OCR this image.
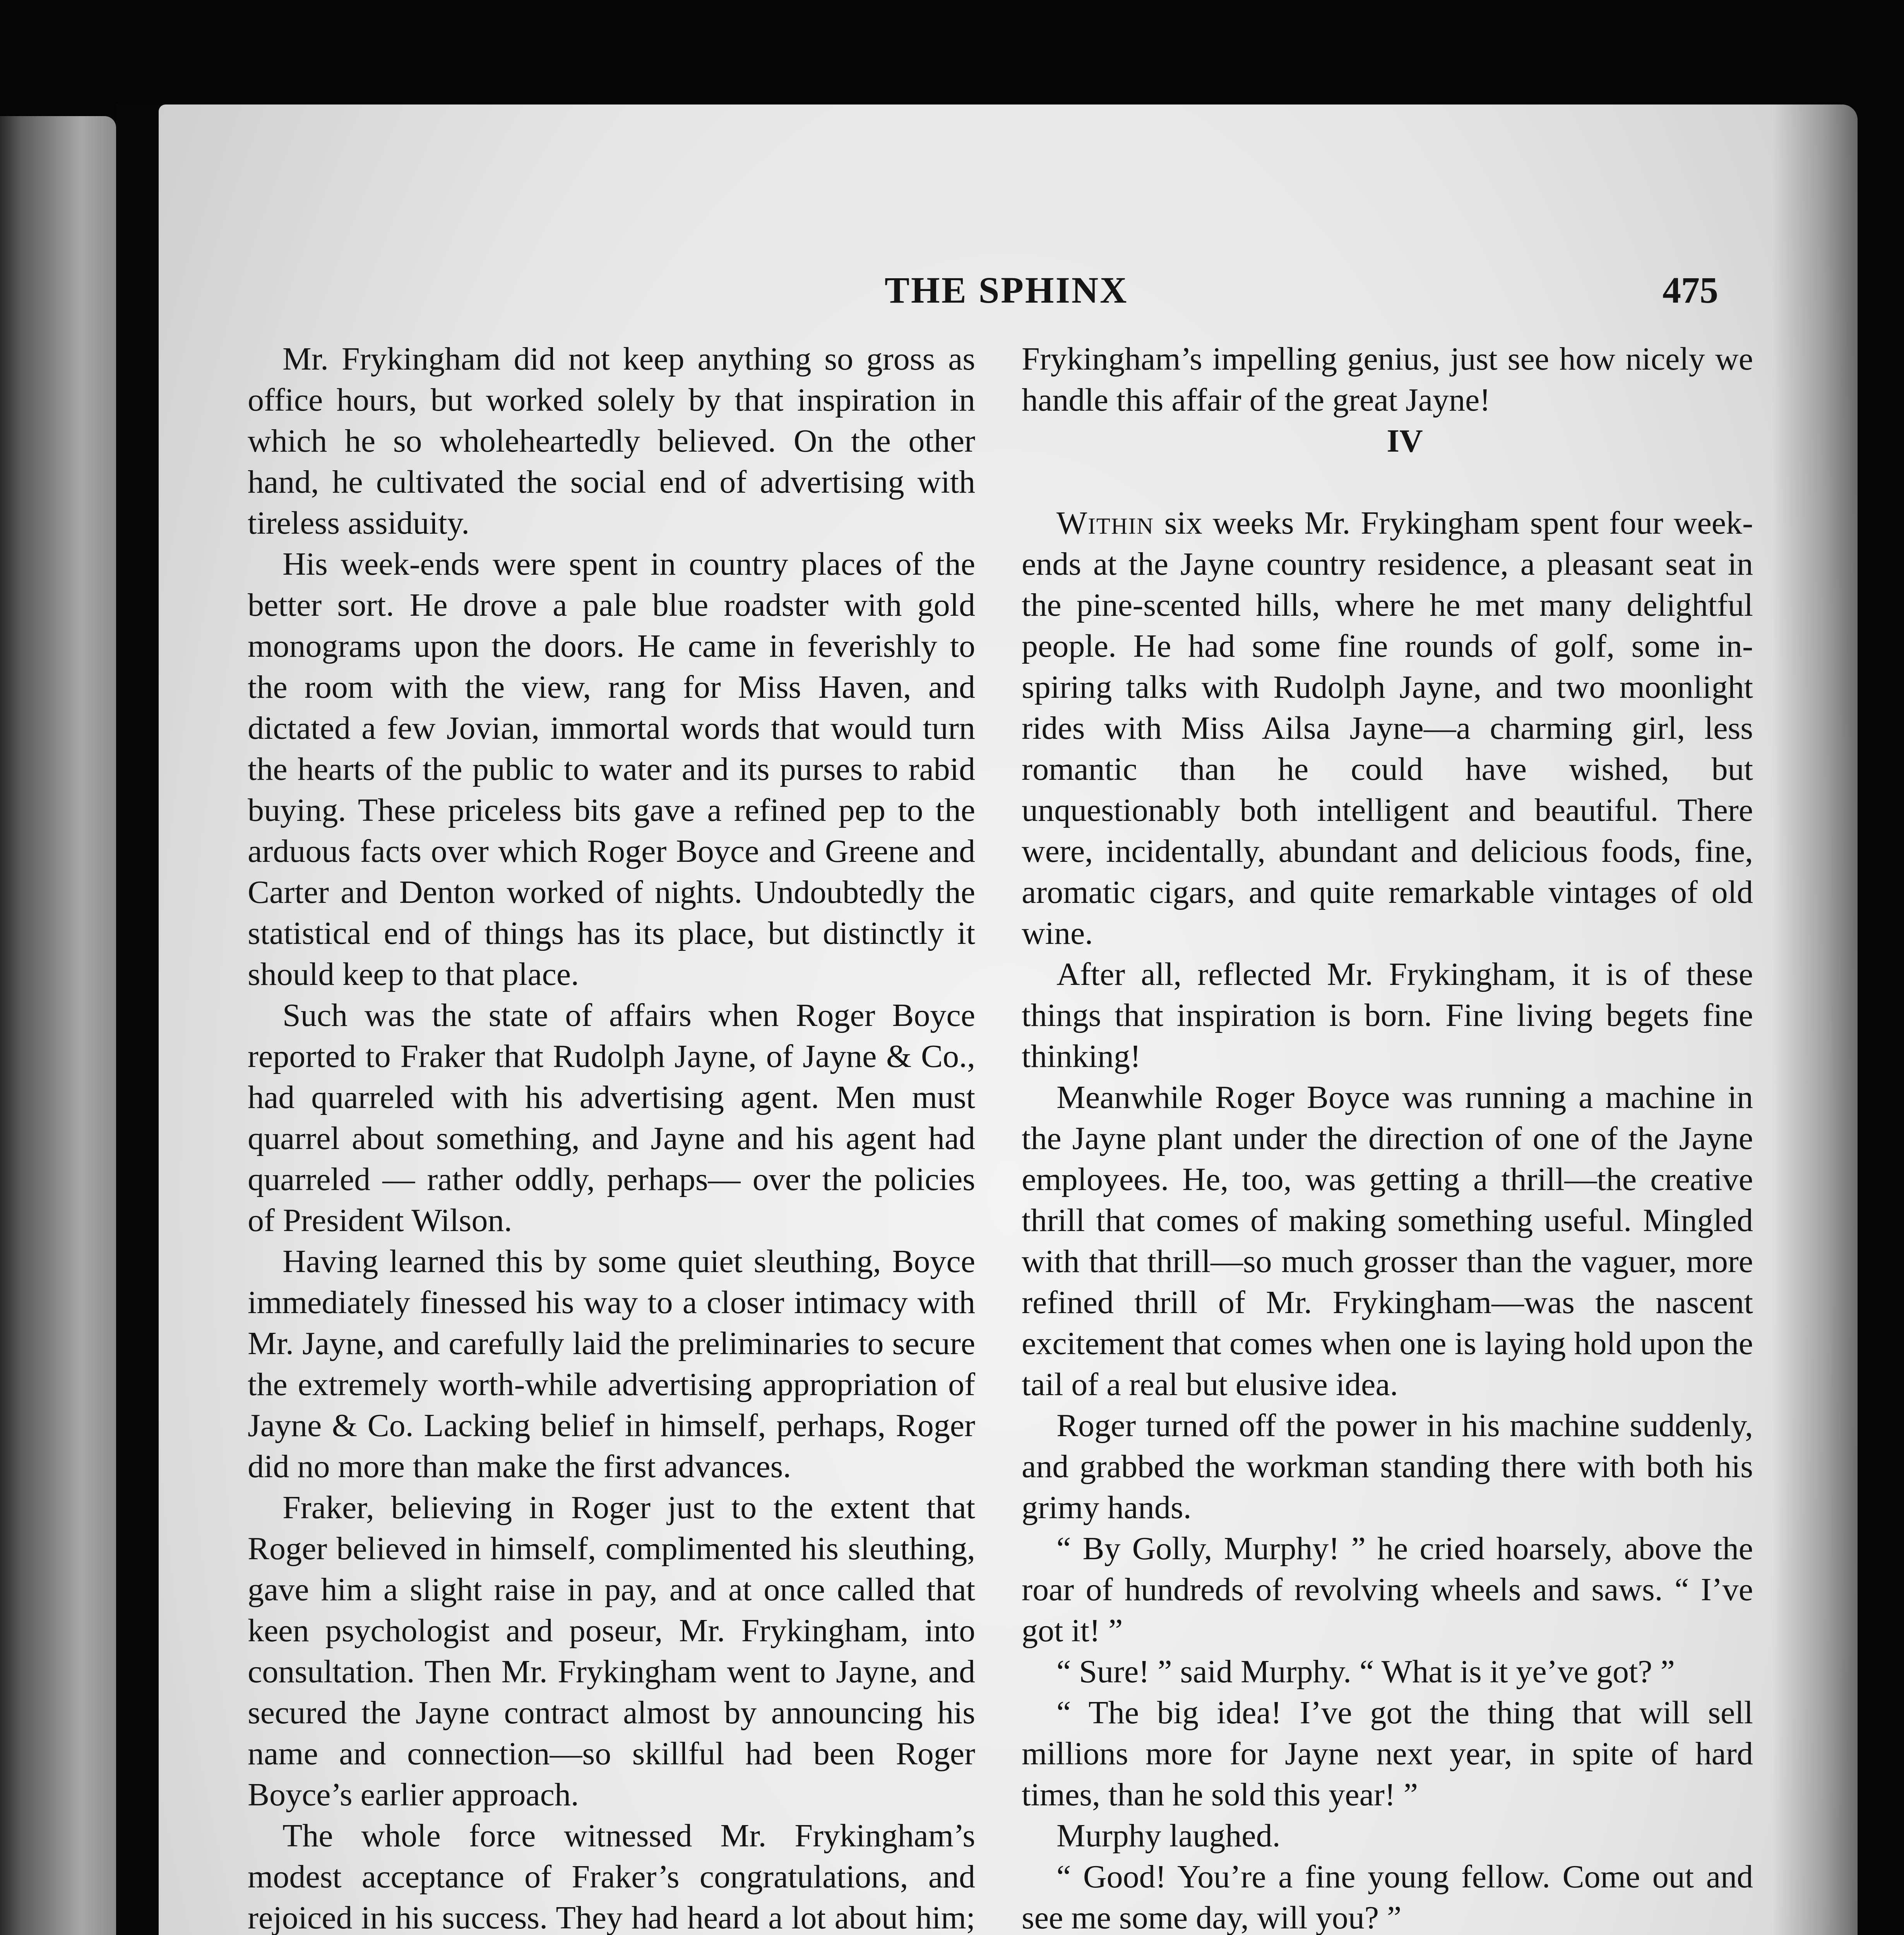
THE SPHINX	475

Mr. Frykingham did not keep anything so gross as office hours, but worked solely by that inspiration in which he so wholeheartedly believed. On the other hand, he cultivated the social end of advertising with tireless assiduity.

His week-ends were spent in country places of the better sort. He drove a pale blue roadster with gold monograms upon the doors. He came in feverishly to the room with the view, rang for Miss Haven, and dictated a few Jovian, immortal words that would turn the hearts of the public to water and its purses to rabid buying. These priceless bits gave a refined pep to the arduous facts over which Roger Boyce and Greene and Carter and Denton worked of nights. Undoubtedly the statistical end of things has its place, but distinctly it should keep to that place.

Such was the state of affairs when Roger Boyce reported to Fraker that Rudolph Jayne, of Jayne & Co., had quarreled with his advertising agent. Men must quarrel about something, and Jayne and his agent had quarreled — rather oddly, perhaps— over the policies of President Wilson.

Having learned this by some quiet sleuthing, Boyce immediately finessed his way to a closer intimacy with Mr. Jayne, and carefully laid the preliminaries to secure the extremely worth-while advertising appropriation of Jayne & Co. Lacking belief in himself, perhaps, Roger did no more than make the first advances.

Fraker, believing in Roger just to the extent that Roger believed in himself, complimented his sleuthing, gave him a slight raise in pay, and at once called that keen psychologist and poseur, Mr. Frykingham, into consultation. Then Mr. Frykingham went to Jayne, and secured the Jayne contract almost by announcing his name and connection—so skillful had been Roger Boyce’s earlier approach.

The whole force witnessed Mr. Frykingham’s modest acceptance of Fraker’s congratulations, and rejoiced in his success. They had heard a lot about him;

Frykingham’s impelling genius, just see how nicely we handle this affair of the great Jayne!

IV

Within six weeks Mr. Frykingham spent four week-ends at the Jayne country residence, a pleasant seat in the pine-scented hills, where he met many delightful people. He had some fine rounds of golf, some inspiring talks with Rudolph Jayne, and two moonlight rides with Miss Ailsa Jayne—a charming girl, less romantic than he could have wished, but unquestionably both intelligent and beautiful. There were, incidentally, abundant and delicious foods, fine, aromatic cigars, and quite remarkable vintages of old wine.

After all, reflected Mr. Frykingham, it is of these things that inspiration is born. Fine living begets fine thinking!

Meanwhile Roger Boyce was running a machine in the Jayne plant under the direction of one of the Jayne employees. He, too, was getting a thrill—the creative thrill that comes of making something useful. Mingled with that thrill—so much grosser than the vaguer, more refined thrill of Mr. Frykingham—was the nascent excitement that comes when one is laying hold upon the tail of a real but elusive idea.

Roger turned off the power in his machine suddenly, and grabbed the workman standing there with both his grimy hands.

“ By Golly, Murphy! ” he cried hoarsely, above the roar of hundreds of revolving wheels and saws. “ I’ve got it! ”

“ Sure! ” said Murphy. “ What is it ye’ve got? ”

“ The big idea! I’ve got the thing that will sell millions more for Jayne next year, in spite of hard times, than he sold this year! ”

Murphy laughed.

“ Good! You’re a fine young fellow. Come out and see me some day, will you? ”
